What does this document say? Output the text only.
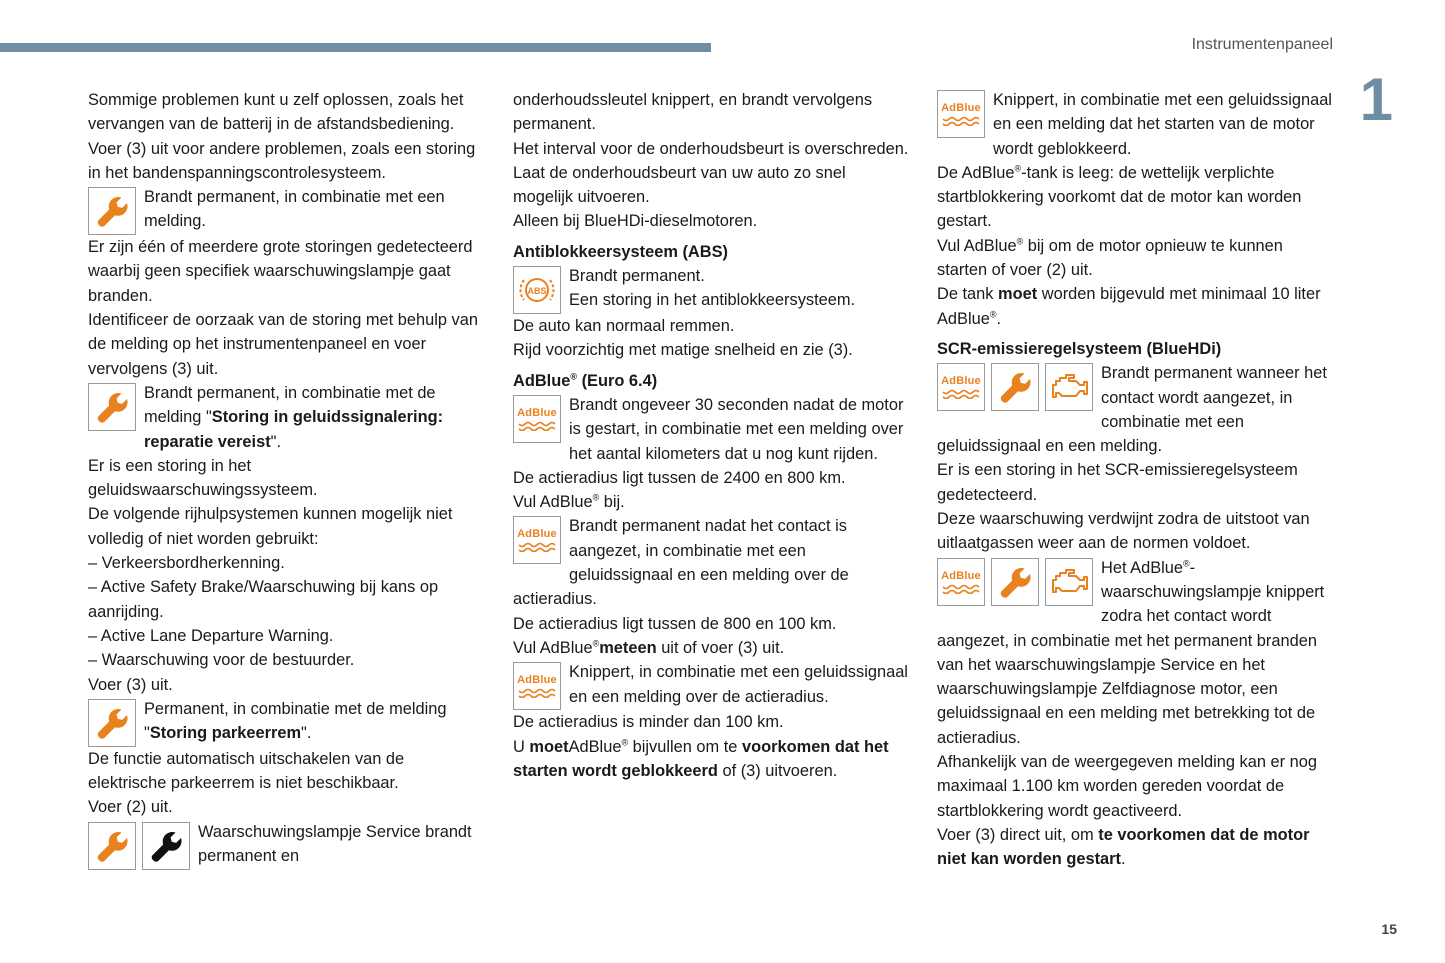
Instrumentenpaneel
1
15

Sommige problemen kunt u zelf oplossen, zoals het vervangen van de batterij in de afstandsbediening.

Voer (3) uit voor andere problemen, zoals een storing in het bandenspanningscontrolesysteem.

Brandt permanent, in combinatie met een melding.

Er zijn één of meerdere grote storingen gedetecteerd waarbij geen specifiek waarschuwingslampje gaat branden.

Identificeer de oorzaak van de storing met behulp van de melding op het instrumentenpaneel en voer vervolgens (3) uit.

Brandt permanent, in combinatie met de melding "Storing in geluidssignalering: reparatie vereist".

Er is een storing in het geluidswaarschuwingssysteem.

De volgende rijhulpsystemen kunnen mogelijk niet volledig of niet worden gebruikt:

– Verkeersbordherkenning.

– Active Safety Brake/Waarschuwing bij kans op aanrijding.

– Active Lane Departure Warning.

– Waarschuwing voor de bestuurder.

Voer (3) uit.

Permanent, in combinatie met de melding "Storing parkeerrem".

De functie automatisch uitschakelen van de elektrische parkeerrem is niet beschikbaar.

Voer (2) uit.

Waarschuwingslampje Service brandt permanent en

onderhoudssleutel knippert, en brandt vervolgens permanent.

Het interval voor de onderhoudsbeurt is overschreden.

Laat de onderhoudsbeurt van uw auto zo snel mogelijk uitvoeren.

Alleen bij BlueHDi-dieselmotoren.

Antiblokkeersysteem (ABS)

ABS

Brandt permanent.

Een storing in het antiblokkeersysteem.

De auto kan normaal remmen.

Rijd voorzichtig met matige snelheid en zie (3).

AdBlue® (Euro 6.4)

AdBlue Brandt ongeveer 30 seconden nadat de motor is gestart, in combinatie met een melding over het aantal kilometers dat u nog kunt rijden.

De actieradius ligt tussen de 2400 en 800 km.

Vul AdBlue® bij.

AdBlue Brandt permanent nadat het contact is aangezet, in combinatie met een geluidssignaal en een melding over de actieradius.

De actieradius ligt tussen de 800 en 100 km.

Vul AdBlue®meteen uit of voer (3) uit.

AdBlue Knippert, in combinatie met een geluidssignaal en een melding over de actieradius.

De actieradius is minder dan 100 km.

U moetAdBlue® bijvullen om te voorkomen dat het starten wordt geblokkeerd of (3) uitvoeren.

AdBlue Knippert, in combinatie met een geluidssignaal en een melding dat het starten van de motor wordt geblokkeerd.

De AdBlue®-tank is leeg: de wettelijk verplichte startblokkering voorkomt dat de motor kan worden gestart.

Vul AdBlue® bij om de motor opnieuw te kunnen starten of voer (2) uit.

De tank moet worden bijgevuld met minimaal 10 liter AdBlue®.

SCR-emissieregelsysteem (BlueHDi)

AdBlue	Brandt permanent wanneer het contact wordt aangezet, in combinatie met een geluidssignaal en een melding.

Er is een storing in het SCR-emissieregelsysteem gedetecteerd.

Deze waarschuwing verdwijnt zodra de uitstoot van uitlaatgassen weer aan de normen voldoet.

AdBlue	Het AdBlue®-waarschuwingslampje knippert zodra het contact wordt aangezet, in combinatie met het permanent branden van het waarschuwingslampje Service en het waarschuwingslampje Zelfdiagnose motor, een geluidssignaal en een melding met betrekking tot de actieradius.

Afhankelijk van de weergegeven melding kan er nog maximaal 1.100 km worden gereden voordat de startblokkering wordt geactiveerd.

Voer (3) direct uit, om te voorkomen dat de motor niet kan worden gestart.
